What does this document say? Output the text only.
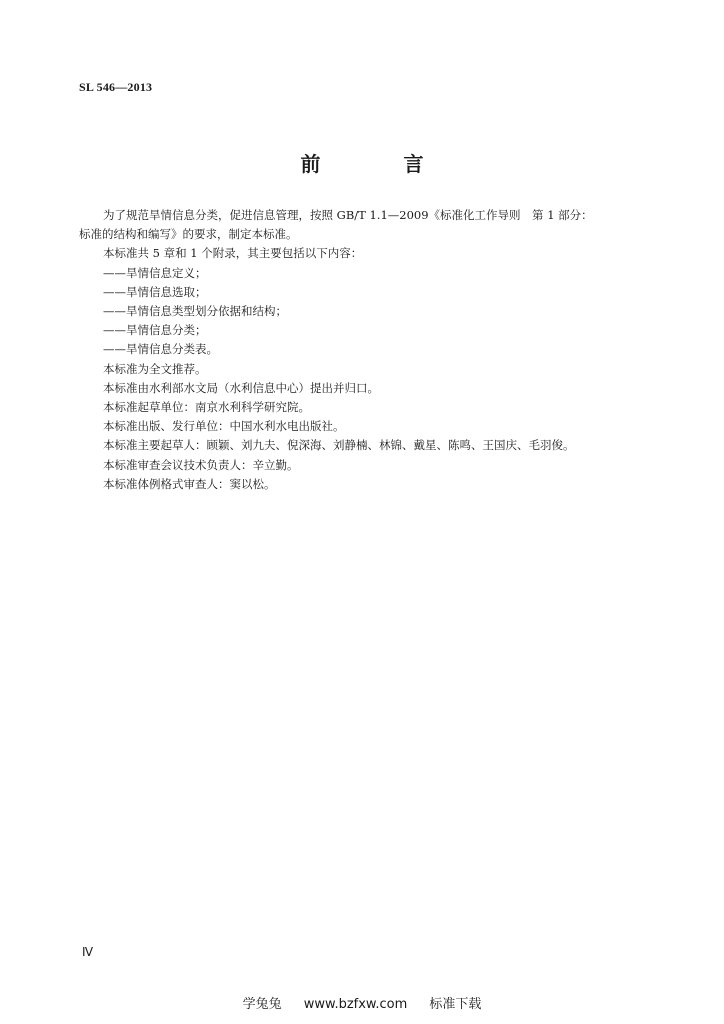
SL 546—2013
前 言

为了规范旱情信息分类，促进信息管理，按照 GB/T 1.1—2009《标准化工作导则　第 1 部分：

标准的结构和编写》的要求，制定本标准。

本标准共 5 章和 1 个附录，其主要包括以下内容：

——旱情信息定义；

——旱情信息选取；

——旱情信息类型划分依据和结构；

——旱情信息分类；

——旱情信息分类表。

本标准为全文推荐。

本标准由水利部水文局（水利信息中心）提出并归口。

本标准起草单位：南京水利科学研究院。

本标准出版、发行单位：中国水利水电出版社。

本标准主要起草人：顾颖、刘九夫、倪深海、刘静楠、林锦、戴星、陈鸣、王国庆、毛羽俊。

本标准审查会议技术负责人：辛立勤。

本标准体例格式审查人：窦以松。

Ⅳ
学兔兔 www.bzfxw.com 标准下载
